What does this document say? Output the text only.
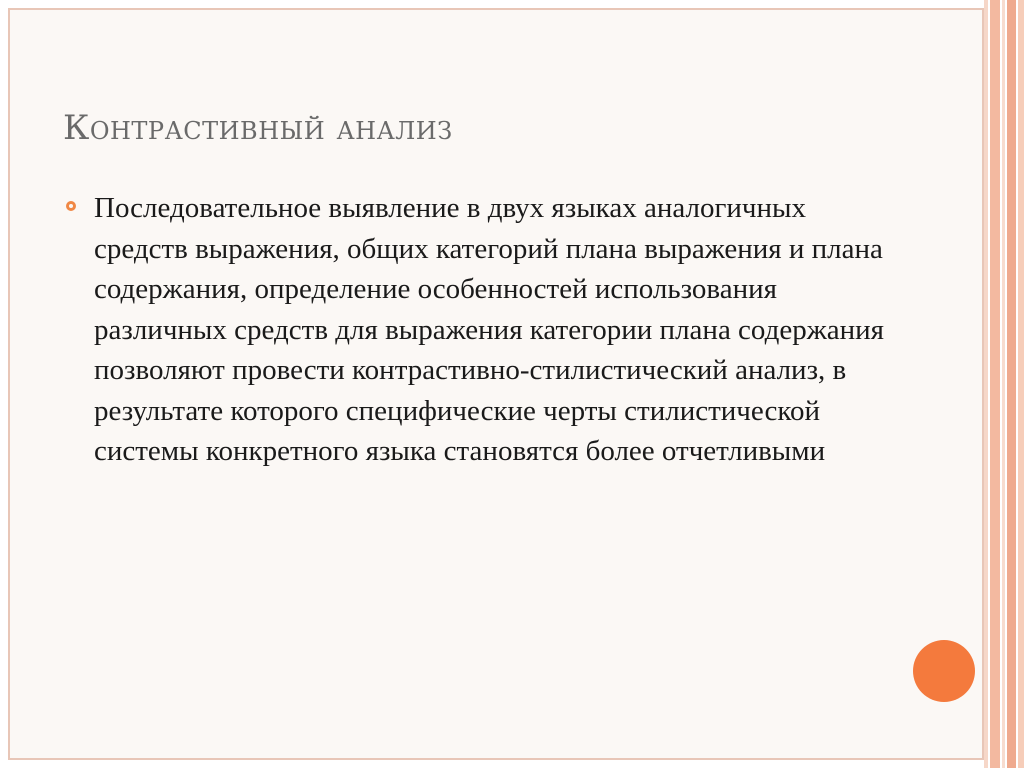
Контрастивный анализ
Последовательное выявление в двух языках аналогичных средств выражения, общих категорий плана выражения и плана содержания, определение особенностей использования различных средств для выражения категории плана содержания позволяют провести контрастивно-стилистический анализ, в результате которого специфические черты стилистической системы конкретного языка становятся более отчетливыми
